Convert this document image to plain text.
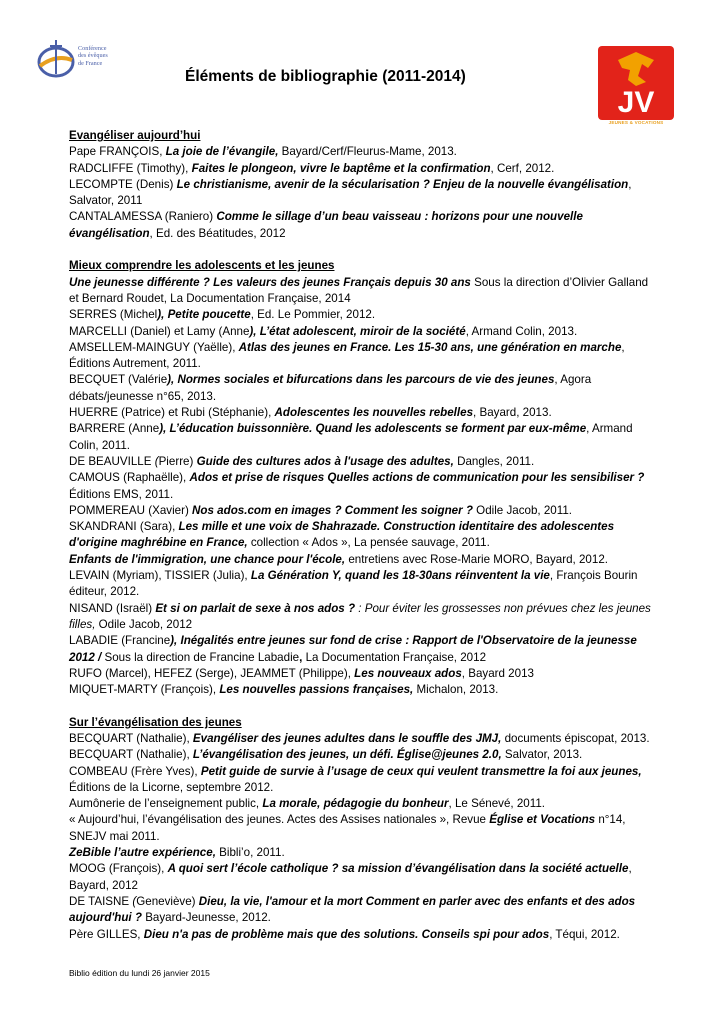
Conférence
des évêques
de France
Éléments de bibliographie (2011-2014)
JV
JEUNES & VOCATIONS
Evangéliser aujourd’hui
Pape FRANÇOIS, La joie de l’évangile, Bayard/Cerf/Fleurus-Mame, 2013.
RADCLIFFE (Timothy), Faites le plongeon, vivre le baptême et la confirmation, Cerf, 2012.
LECOMPTE (Denis) Le christianisme, avenir de la sécularisation ? Enjeu de la nouvelle évangélisation, Salvator, 2011
CANTALAMESSA (Raniero) Comme le sillage d’un beau vaisseau : horizons pour une nouvelle évangélisation, Ed. des Béatitudes, 2012
Mieux comprendre les adolescents et les jeunes
Une jeunesse différente ? Les valeurs des jeunes Français depuis 30 ans Sous la direction d’Olivier Galland et Bernard Roudet, La Documentation Française, 2014
SERRES (Michel), Petite poucette, Ed. Le Pommier, 2012.
MARCELLI (Daniel) et Lamy (Anne), L’état adolescent, miroir de la société, Armand Colin, 2013.
AMSELLEM-MAINGUY (Yaëlle), Atlas des jeunes en France. Les 15-30 ans, une génération en marche, Éditions Autrement, 2011.
BECQUET (Valérie), Normes sociales et bifurcations dans les parcours de vie des jeunes, Agora débats/jeunesse n°65, 2013.
HUERRE (Patrice) et Rubi (Stéphanie), Adolescentes les nouvelles rebelles, Bayard, 2013.
BARRERE (Anne), L’éducation buissonnière. Quand les adolescents se forment par eux-même, Armand Colin, 2011.
DE BEAUVILLE (Pierre) Guide des cultures ados à l'usage des adultes, Dangles, 2011.
CAMOUS (Raphaëlle), Ados et prise de risques Quelles actions de communication pour les sensibiliser ? Éditions EMS, 2011.
POMMEREAU (Xavier) Nos ados.com en images ? Comment les soigner ? Odile Jacob, 2011.
SKANDRANI (Sara), Les mille et une voix de Shahrazade. Construction identitaire des adolescentes d'origine maghrébine en France, collection « Ados », La pensée sauvage, 2011.
Enfants de l'immigration, une chance pour l'école, entretiens avec Rose-Marie MORO, Bayard, 2012.
LEVAIN (Myriam), TISSIER (Julia), La Génération Y, quand les 18-30ans réinventent la vie, François Bourin éditeur, 2012.
NISAND (Israël) Et si on parlait de sexe à nos ados ? : Pour éviter les grossesses non prévues chez les jeunes filles, Odile Jacob, 2012
LABADIE (Francine), Inégalités entre jeunes sur fond de crise : Rapport de l'Observatoire de la jeunesse 2012 / Sous la direction de Francine Labadie, La Documentation Française, 2012
RUFO (Marcel), HEFEZ (Serge), JEAMMET (Philippe), Les nouveaux ados, Bayard 2013
MIQUET-MARTY (François), Les nouvelles passions françaises, Michalon, 2013.
Sur l’évangélisation des jeunes
BECQUART (Nathalie), Evangéliser des jeunes adultes dans le souffle des JMJ, documents épiscopat, 2013.
BECQUART (Nathalie), L’évangélisation des jeunes, un défi. Église@jeunes 2.0, Salvator, 2013.
COMBEAU (Frère Yves), Petit guide de survie à l’usage de ceux qui veulent transmettre la foi aux jeunes, Éditions de la Licorne, septembre 2012.
Aumônerie de l’enseignement public, La morale, pédagogie du bonheur, Le Sénevé, 2011.
« Aujourd’hui, l’évangélisation des jeunes. Actes des Assises nationales », Revue Église et Vocations n°14, SNEJV mai 2011.
ZeBible l’autre expérience, Bibli’o, 2011.
MOOG (François), A quoi sert l’école catholique ? sa mission d’évangélisation dans la société actuelle, Bayard, 2012
DE TAISNE (Geneviève) Dieu, la vie, l'amour et la mort Comment en parler avec des enfants et des ados aujourd'hui ? Bayard-Jeunesse, 2012.
Père GILLES, Dieu n'a pas de problème mais que des solutions. Conseils spi pour ados, Téqui, 2012.
Biblio édition du lundi 26 janvier 2015
